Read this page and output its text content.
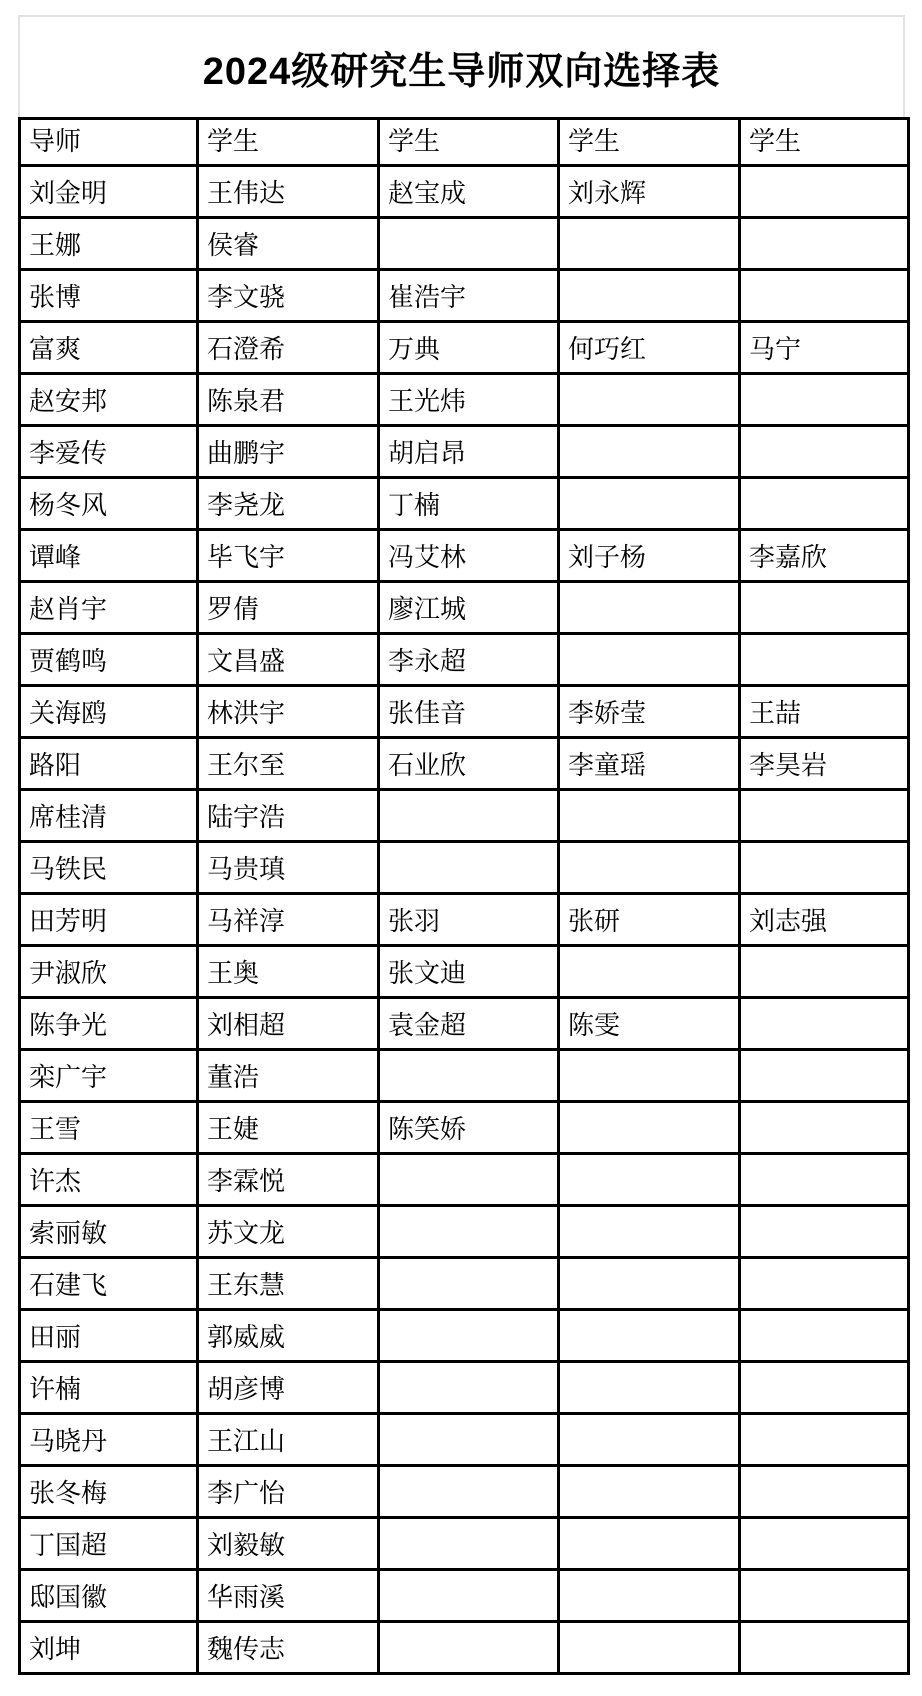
2024级研究生导师双向选择表
导师	学生	学生	学生	学生
刘金明	王伟达	赵宝成	刘永辉	
王娜	侯睿			
张博	李文骁	崔浩宇		
富爽	石澄希	万典	何巧红	马宁
赵安邦	陈泉君	王光炜		
李爱传	曲鹏宇	胡启昂		
杨冬风	李尧龙	丁楠		
谭峰	毕飞宇	冯艾林	刘子杨	李嘉欣
赵肖宇	罗倩	廖江城		
贾鹤鸣	文昌盛	李永超		
关海鸥	林洪宇	张佳音	李娇莹	王喆
路阳	王尔至	石业欣	李童瑶	李昊岩
席桂清	陆宇浩			
马铁民	马贵瑱			
田芳明	马祥淳	张羽	张研	刘志强
尹淑欣	王奥	张文迪		
陈争光	刘相超	袁金超	陈雯	
栾广宇	董浩			
王雪	王婕	陈笑娇		
许杰	李霖悦			
索丽敏	苏文龙			
石建飞	王东慧			
田丽	郭威威			
许楠	胡彦博			
马晓丹	王江山			
张冬梅	李广怡			
丁国超	刘毅敏			
邸国徽	华雨溪			
刘坤	魏传志			
